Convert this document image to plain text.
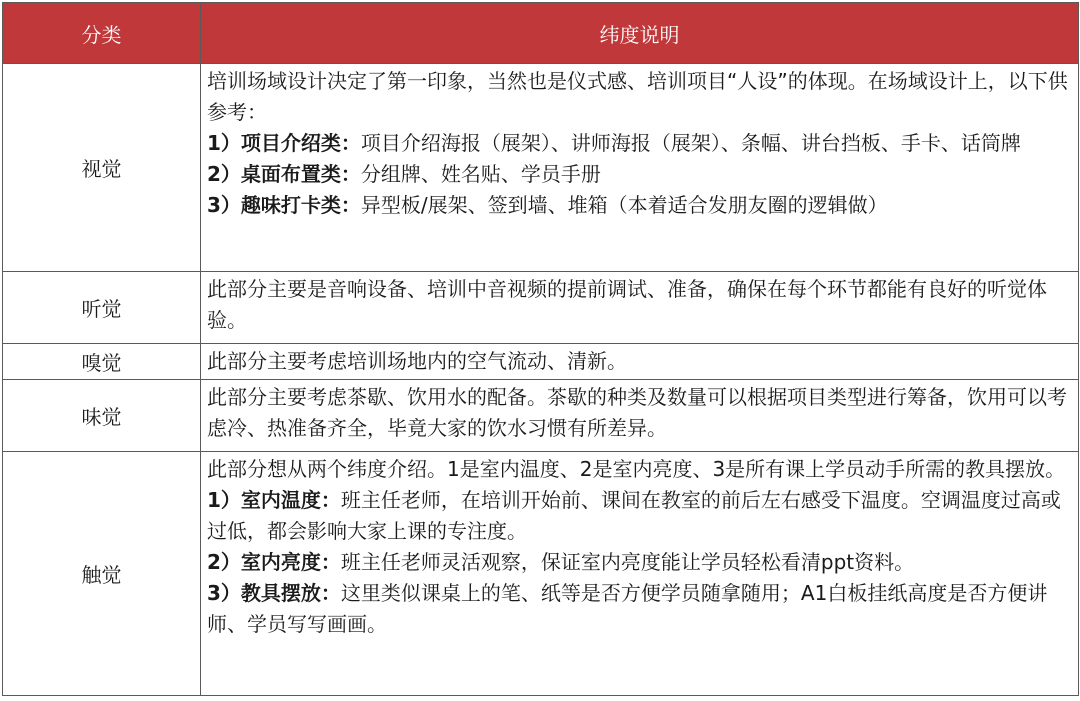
分类	纬度说明
视觉	培训场域设计决定了第一印象，当然也是仪式感、培训项目“人设”的体现。在场域设计上，以下供参考：

1）项目介绍类：项目介绍海报（展架）、讲师海报（展架）、条幅、讲台挡板、手卡、话筒牌

2）桌面布置类：分组牌、姓名贴、学员手册

3）趣味打卡类：异型板/展架、签到墙、堆箱（本着适合发朋友圈的逻辑做）

听觉	此部分主要是音响设备、培训中音视频的提前调试、准备，确保在每个环节都能有良好的听觉体验。

嗅觉	此部分主要考虑培训场地内的空气流动、清新。

味觉	此部分主要考虑茶歇、饮用水的配备。茶歇的种类及数量可以根据项目类型进行筹备，饮用可以考虑冷、热准备齐全，毕竟大家的饮水习惯有所差异。

触觉	此部分想从两个纬度介绍。1是室内温度、2是室内亮度、3是所有课上学员动手所需的教具摆放。

1）室内温度：班主任老师，在培训开始前、课间在教室的前后左右感受下温度。空调温度过高或过低，都会影响大家上课的专注度。

2）室内亮度：班主任老师灵活观察，保证室内亮度能让学员轻松看清ppt资料。

3）教具摆放：这里类似课桌上的笔、纸等是否方便学员随拿随用；A1白板挂纸高度是否方便讲师、学员写写画画。
